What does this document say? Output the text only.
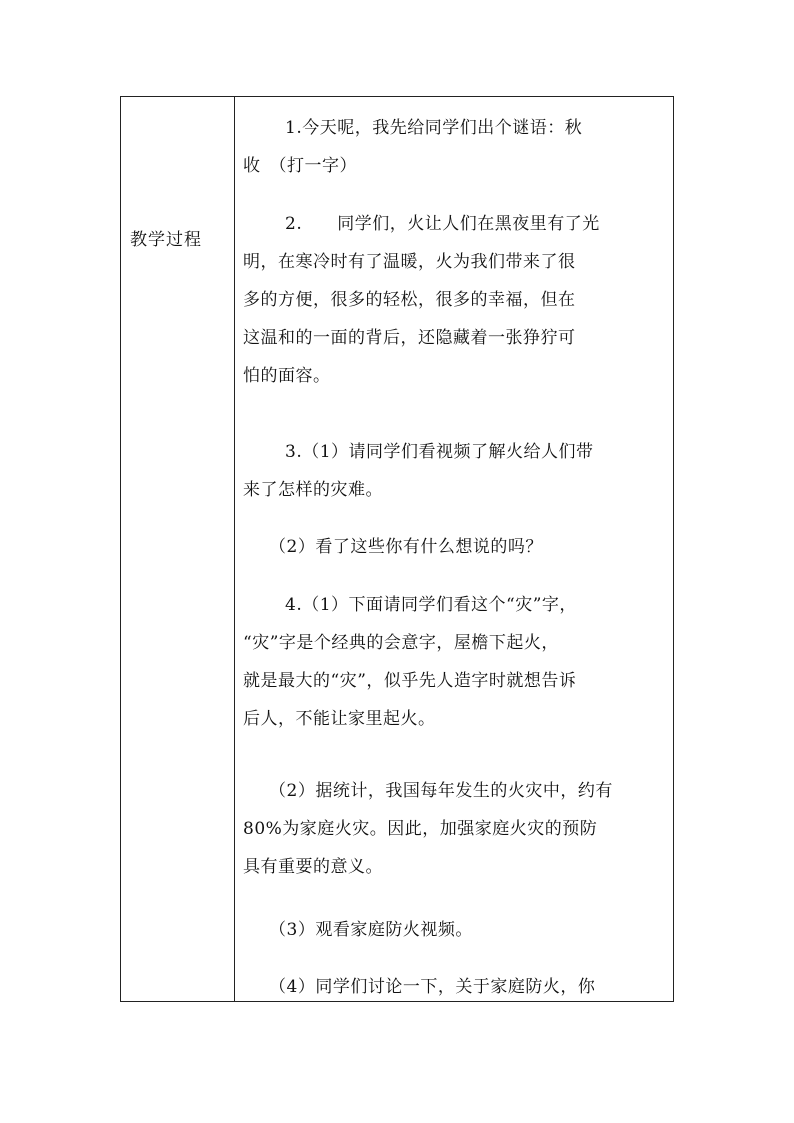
教学过程
1.今天呢，我先给同学们出个谜语：秋
收　（打一字）
2.　　同学们，火让人们在黑夜里有了光
明，在寒冷时有了温暖，火为我们带来了很
多的方便，很多的轻松，很多的幸福，但在
这温和的一面的背后，还隐藏着一张狰狞可
怕的面容。
3.（1）请同学们看视频了解火给人们带
来了怎样的灾难。
（2）看了这些你有什么想说的吗？
4.（1）下面请同学们看这个“灾”字，
“灾”字是个经典的会意字，屋檐下起火，
就是最大的“灾”，似乎先人造字时就想告诉
后人，不能让家里起火。
（2）据统计，我国每年发生的火灾中，约有
80%为家庭火灾。因此，加强家庭火灾的预防
具有重要的意义。
（3）观看家庭防火视频。
（4）同学们讨论一下，关于家庭防火，你
